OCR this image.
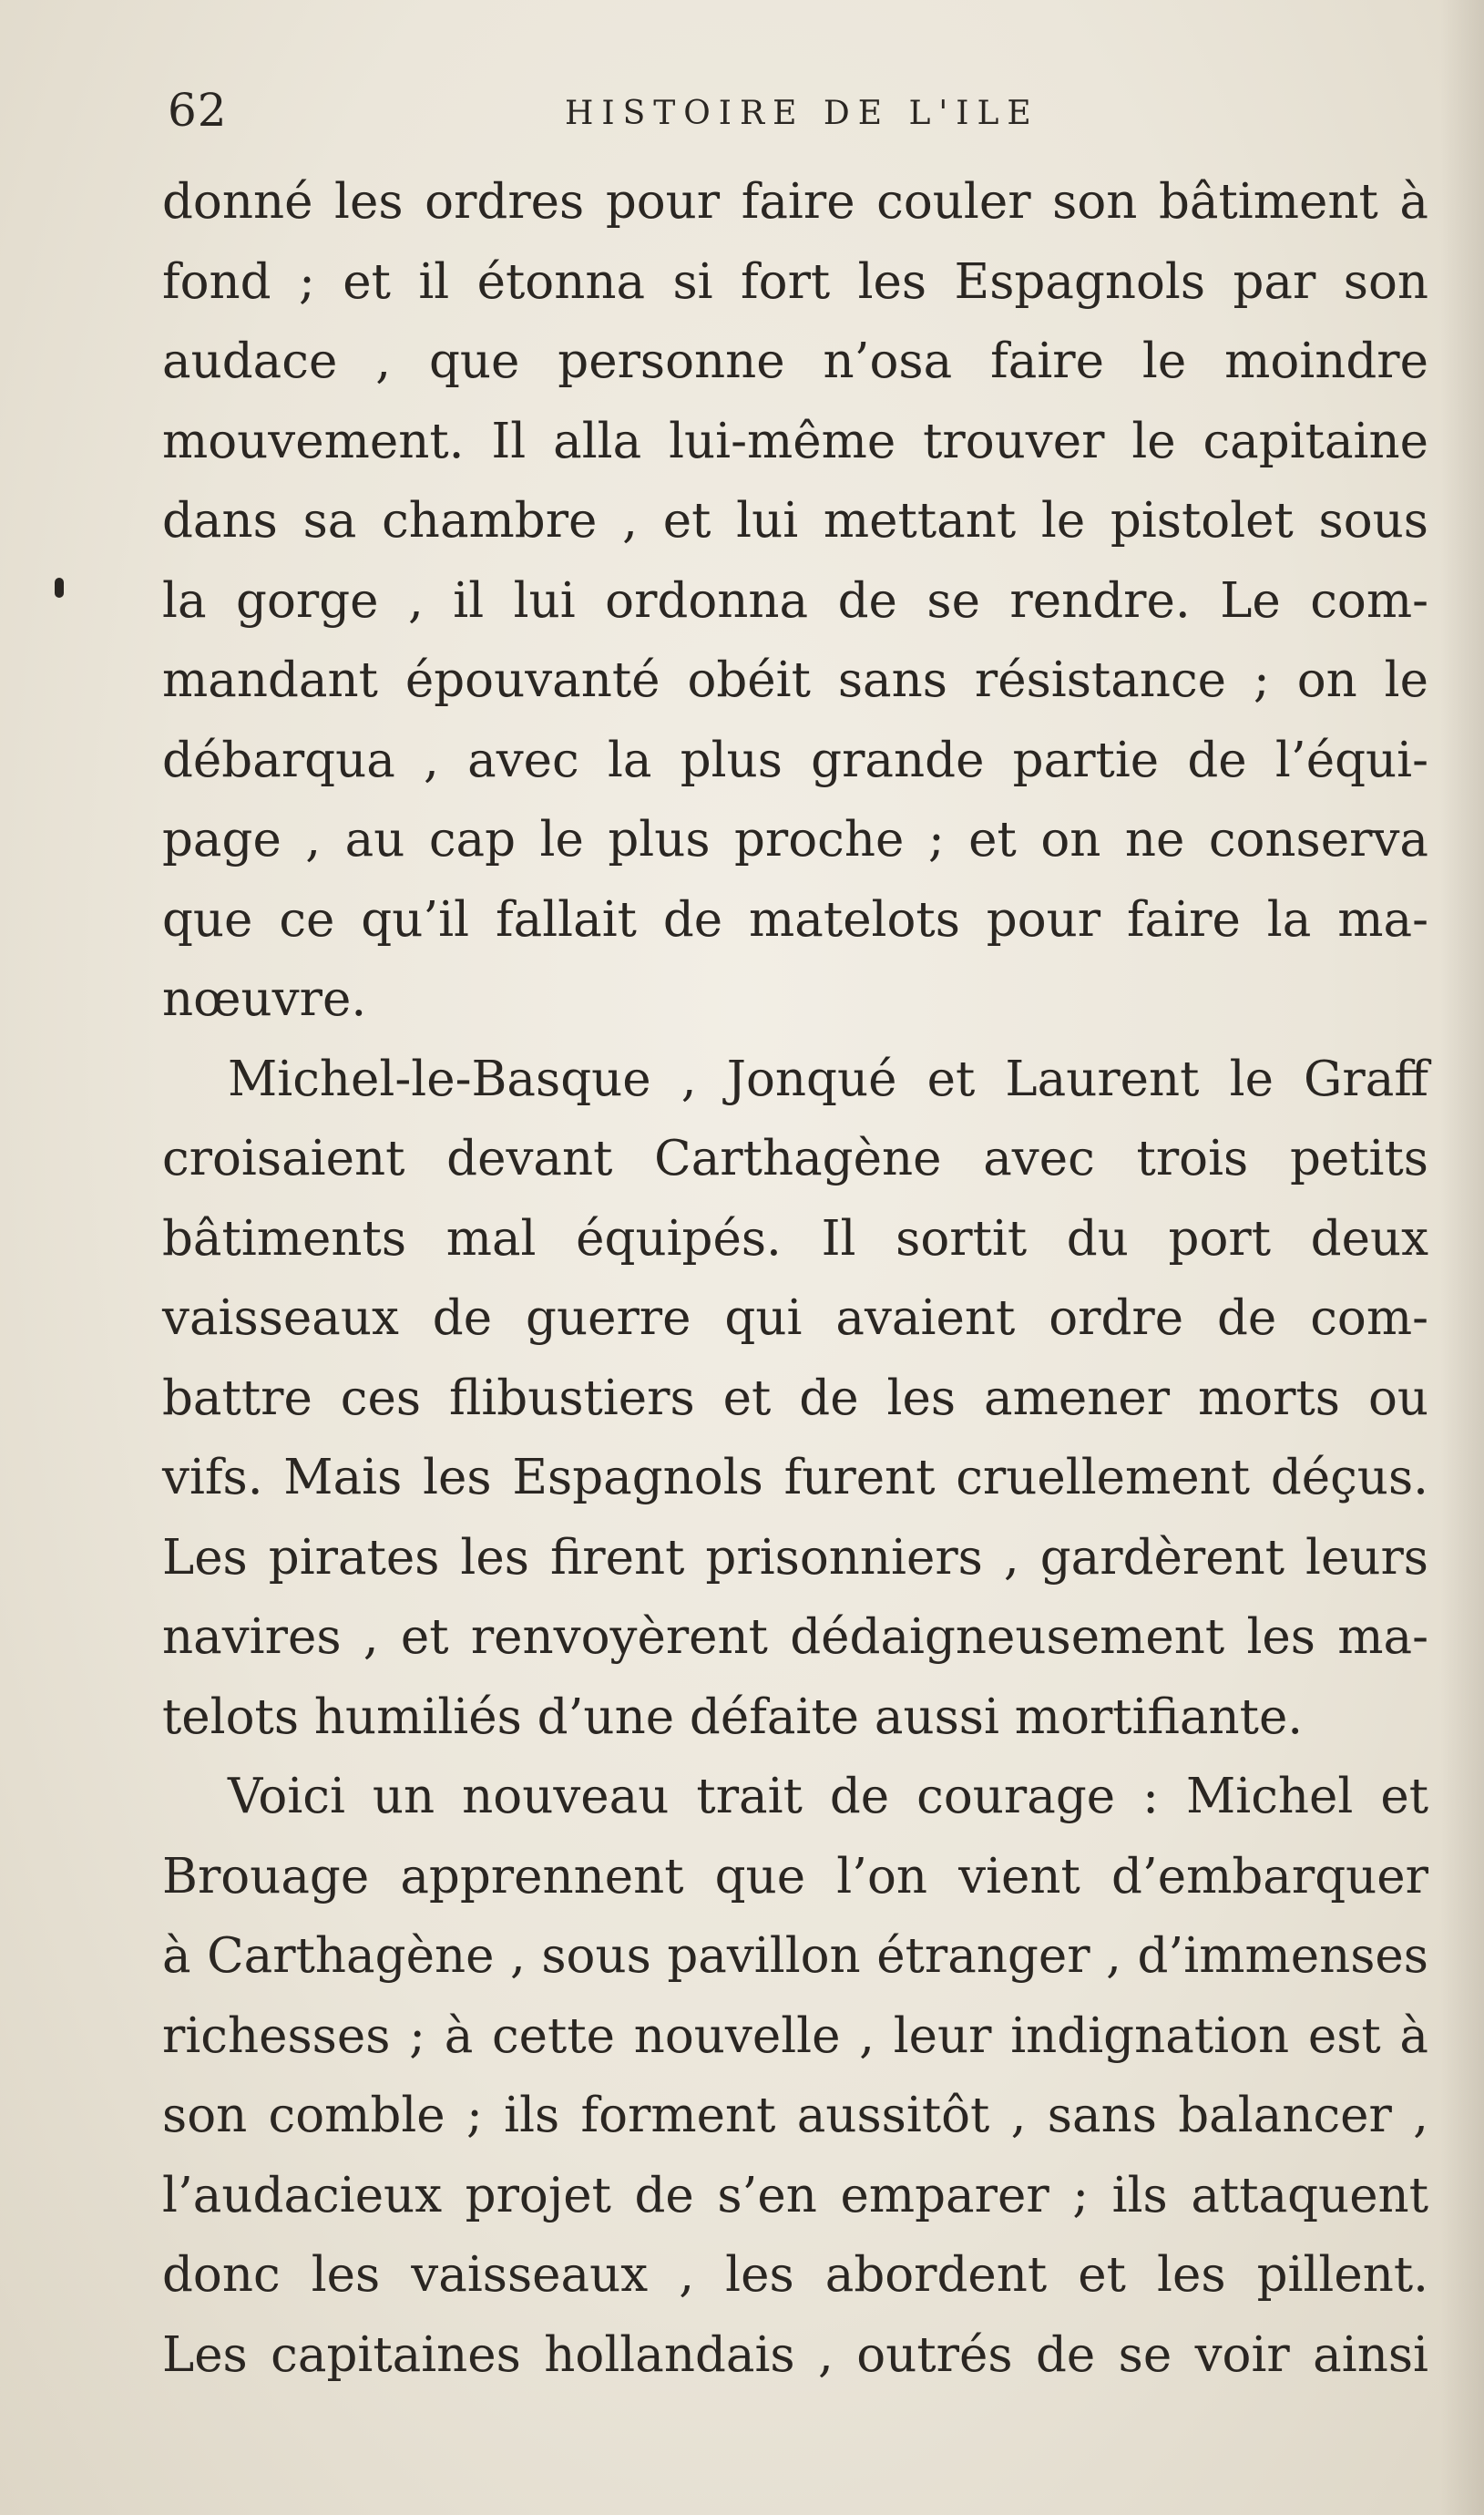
62	HISTOIRE DE L'ILE
donné les ordres pour faire couler son bâtiment à
fond ; et il étonna si fort les Espagnols par son
audace , que personne n’osa faire le moindre
mouvement. Il alla lui-même trouver le capitaine
dans sa chambre , et lui mettant le pistolet sous
la gorge , il lui ordonna de se rendre. Le com-
mandant épouvanté obéit sans résistance ; on le
débarqua , avec la plus grande partie de l’équi-
page , au cap le plus proche ; et on ne conserva
que ce qu’il fallait de matelots pour faire la ma-
nœuvre.
Michel-le-Basque , Jonqué et Laurent le Graff
croisaient devant Carthagène avec trois petits
bâtiments mal équipés. Il sortit du port deux
vaisseaux de guerre qui avaient ordre de com-
battre ces flibustiers et de les amener morts ou
vifs. Mais les Espagnols furent cruellement déçus.
Les pirates les firent prisonniers , gardèrent leurs
navires , et renvoyèrent dédaigneusement les ma-
telots humiliés d’une défaite aussi mortifiante.
Voici un nouveau trait de courage : Michel et
Brouage apprennent que l’on vient d’embarquer
à Carthagène , sous pavillon étranger , d’immenses
richesses ; à cette nouvelle , leur indignation est à
son comble ; ils forment aussitôt , sans balancer ,
l’audacieux projet de s’en emparer ; ils attaquent
donc les vaisseaux , les abordent et les pillent.
Les capitaines hollandais , outrés de se voir ainsi
